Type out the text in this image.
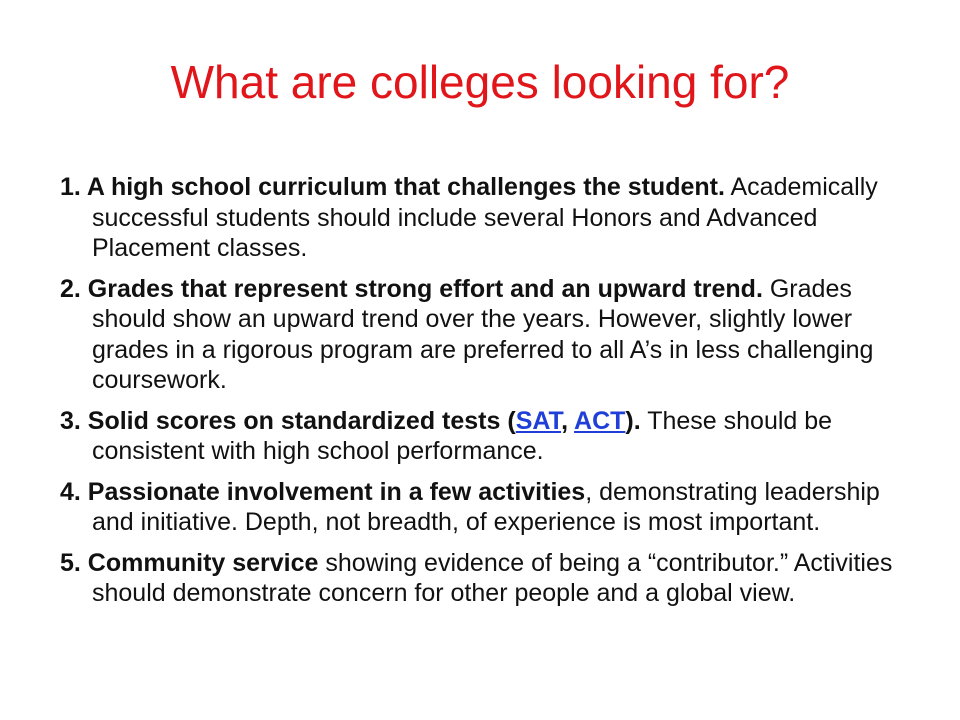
What are colleges looking for?
1. A high school curriculum that challenges the student. Academically successful students should include several Honors and Advanced Placement classes.
2. Grades that represent strong effort and an upward trend. Grades should show an upward trend over the years. However, slightly lower grades in a rigorous program are preferred to all A’s in less challenging coursework.
3. Solid scores on standardized tests (SAT, ACT). These should be consistent with high school performance.
4. Passionate involvement in a few activities, demonstrating leadership and initiative. Depth, not breadth, of experience is most important.
5. Community service showing evidence of being a “contributor.” Activities should demonstrate concern for other people and a global view.
